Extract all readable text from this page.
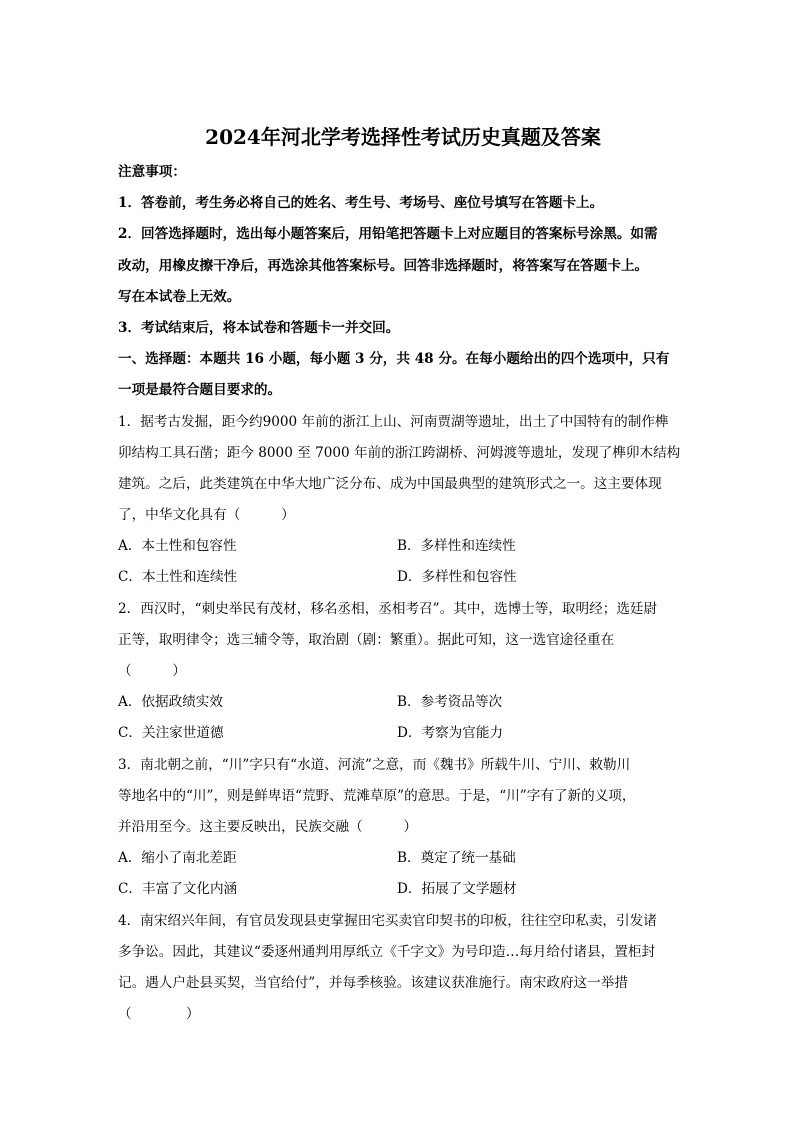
2024年河北学考选择性考试历史真题及答案
注意事项：
1．答卷前，考生务必将自己的姓名、考生号、考场号、座位号填写在答题卡上。
2．回答选择题时，选出每小题答案后，用铅笔把答题卡上对应题目的答案标号涂黑。如需
改动，用橡皮擦干净后，再选涂其他答案标号。回答非选择题时，将答案写在答题卡上。
写在本试卷上无效。
3．考试结束后，将本试卷和答题卡一并交回。
一、选择题：本题共 16 小题，每小题 3 分，共 48 分。在每小题给出的四个选项中，只有
一项是最符合题目要求的。
1．据考古发掘，距今约9000 年前的浙江上山、河南贾湖等遗址，出土了中国特有的制作榫
卯结构工具石凿；距今 8000 至 7000 年前的浙江跨湖桥、河姆渡等遗址，发现了榫卯木结构
建筑。之后，此类建筑在中华大地广泛分布、成为中国最典型的建筑形式之一。这主要体现
了，中华文化具有（　　　）
A．本土性和包容性	B．多样性和连续性
C．本土性和连续性	D．多样性和包容性
2．西汉时，“刺史举民有茂材，移名丞相，丞相考召”。其中，选博士等，取明经；选廷尉
正等，取明律令；选三辅令等，取治剧（剧：繁重）。据此可知，这一选官途径重在
（　　　）
A．依据政绩实效	B．参考资品等次
C．关注家世道德	D．考察为官能力
3．南北朝之前，“川”字只有“水道、河流”之意，而《魏书》所载牛川、宁川、敕勒川
等地名中的“川”，则是鲜卑语“荒野、荒滩草原”的意思。于是，“川”字有了新的义项，
并沿用至今。这主要反映出，民族交融（　　　）
A．缩小了南北差距	B．奠定了统一基础
C．丰富了文化内涵	D．拓展了文学题材
4．南宋绍兴年间，有官员发现县吏掌握田宅买卖官印契书的印板，往往空印私卖，引发诸
多争讼。因此，其建议“委逐州通判用厚纸立《千字文》为号印造…每月给付诸县，置柜封
记。遇人户赴县买契，当官给付”，并每季核验。该建议获准施行。南宋政府这一举措
（　　　　）
